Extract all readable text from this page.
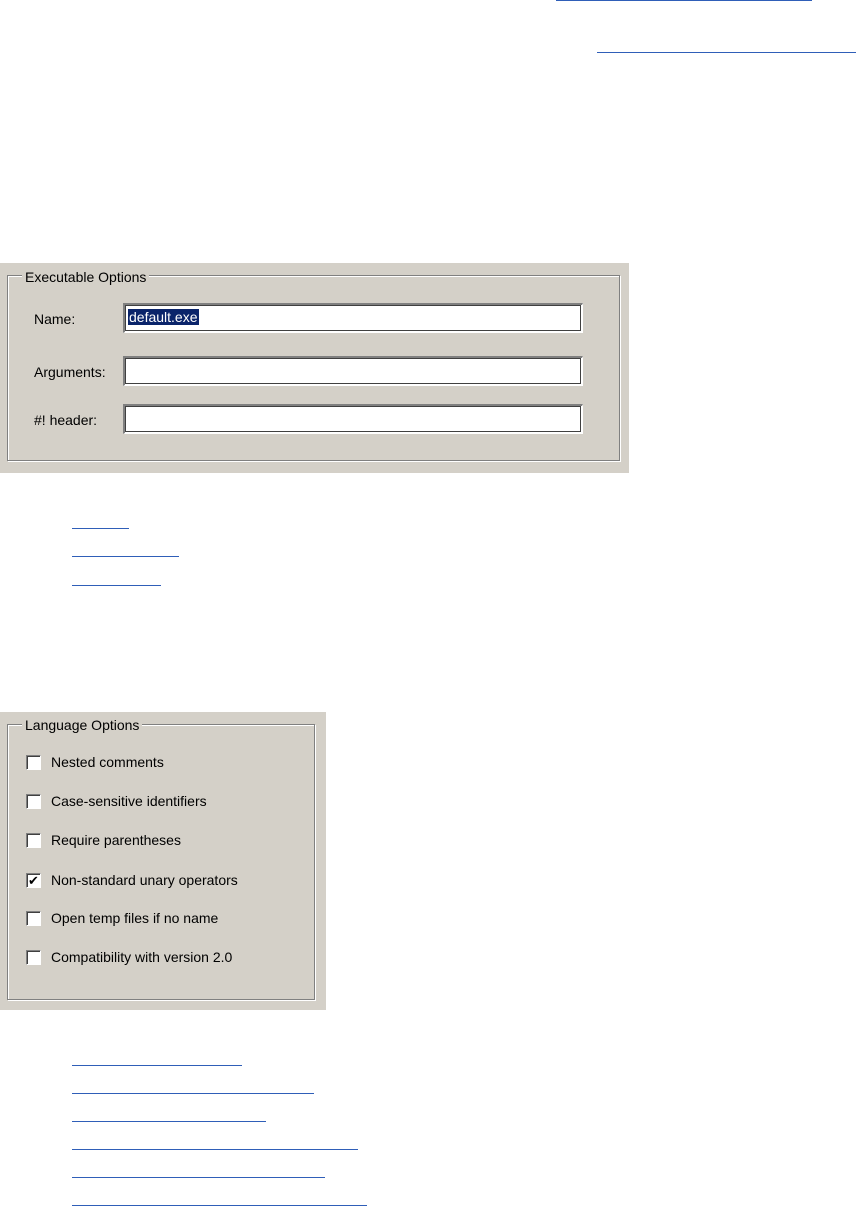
Executable Options
Name:	default.exe
Arguments:
#! header:
Language Options
Nested comments
Case-sensitive identifiers
Require parentheses
✔ Non-standard unary operators
Open temp files if no name
Compatibility with version 2.0
